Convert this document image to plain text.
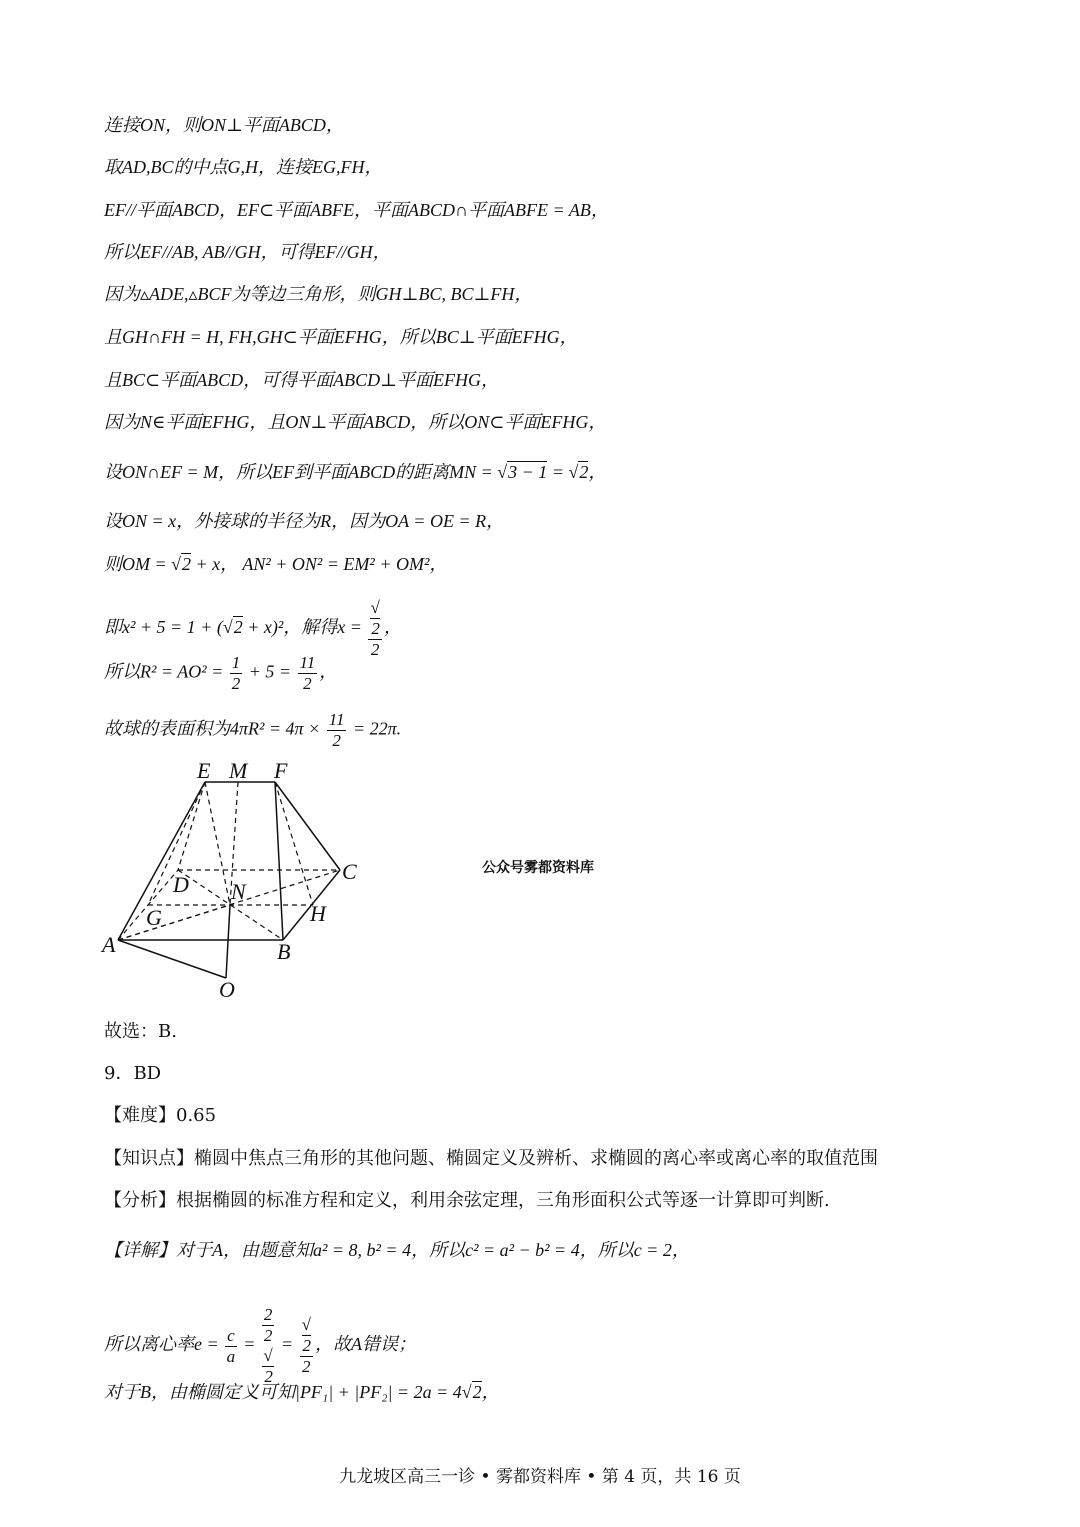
连接ON，则ON⊥平面ABCD，
取AD,BC的中点G,H，连接EG,FH，
EF//平面ABCD，EF⊂平面ABFE，平面ABCD∩平面ABFE = AB，
所以EF//AB, AB//GH，可得EF//GH，
因为▵ADE,▵BCF为等边三角形，则GH⊥BC, BC⊥FH，
且GH∩FH = H, FH,GH⊂平面EFHG，所以BC⊥平面EFHG，
且BC⊂平面ABCD，可得平面ABCD⊥平面EFHG，
因为N∈平面EFHG，且ON⊥平面ABCD，所以ON⊂平面EFHG，
设ON∩EF = M，所以EF到平面ABCD的距离MN = √3 − 1 = √2，
设ON = x，外接球的半径为R，因为OA = OE = R，
则OM = √2 + x， AN² + ON² = EM² + OM²，
即x² + 5 = 1 + (√2 + x)²，解得x = √
2
2 ，
所以$R^2 = AO^2 = \frac{1}{2} + 5 = \frac{11}{2}$ ，
故球的表面积为$4\pi R^2 = 4\pi \times \frac{11}{2} = 22\pi$.
E M F
C
D N
G	H
A	B
O
公众号雾都资料库
故选：B.
9．BD
【难度】0.65
【知识点】椭圆中焦点三角形的其他问题、椭圆定义及辨析、求椭圆的离心率或离心率的取值范围
【分析】根据椭圆的标准方程和定义，利用余弦定理，三角形面积公式等逐一计算即可判断.
【详解】对于A，由题意知a² = 8, b² = 4，所以c² = a² − b² = 4，所以c = 2，
所以离心率$e = \frac{c}{a} = 2$
2
√
2 = √
2
2 ，故A错误；
对于B，由椭圆定义可知|PF₁| + |PF₂| = 2a = 4√2，
九龙坡区高三一诊 • 雾都资料库 • 第 4 页，共 16 页
